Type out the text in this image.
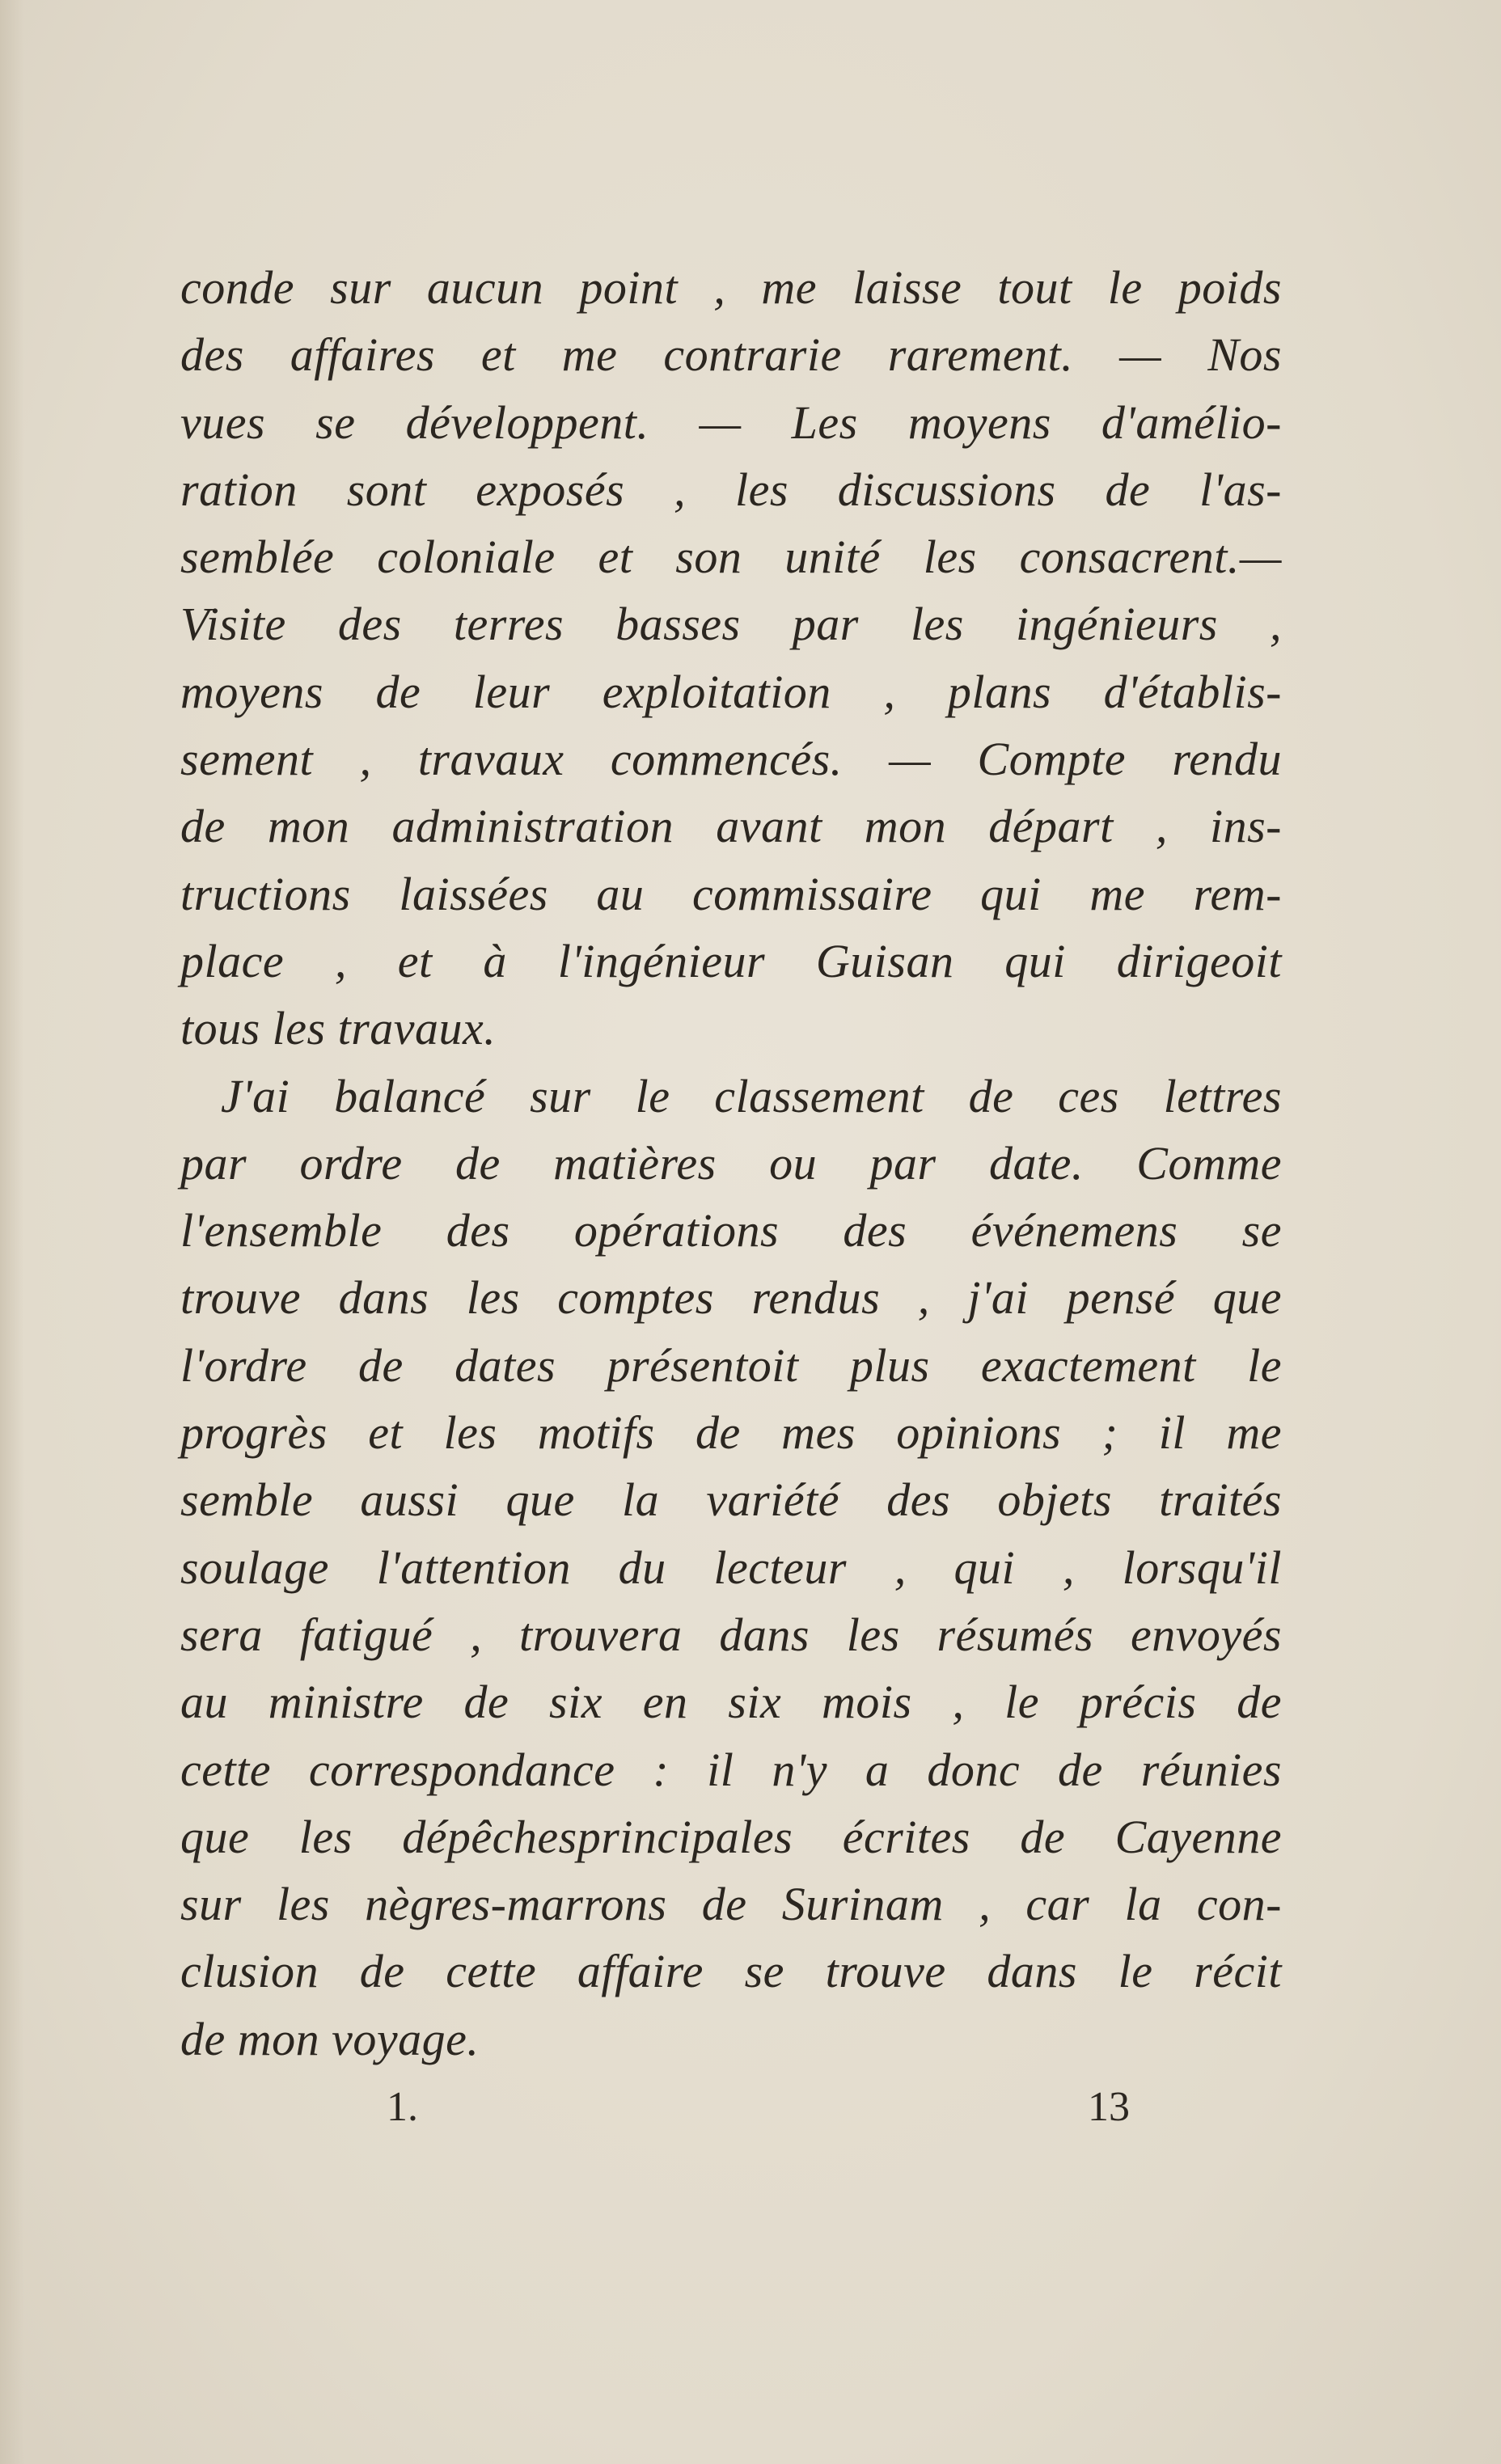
conde sur aucun point , me laisse tout le poids
des affaires et me contrarie rarement. — Nos
vues se développent. — Les moyens d'amélio-
ration sont exposés , les discussions de l'as-
semblée coloniale et son unité les consacrent.—
Visite des terres basses par les ingénieurs ,
moyens de leur exploitation , plans d'établis-
sement , travaux commencés. — Compte rendu
de mon administration avant mon départ , ins-
tructions laissées au commissaire qui me rem-
place , et à l'ingénieur Guisan qui dirigeoit
tous les travaux.
J'ai balancé sur le classement de ces lettres
par ordre de matières ou par date. Comme
l'ensemble des opérations des événemens se
trouve dans les comptes rendus , j'ai pensé que
l'ordre de dates présentoit plus exactement le
progrès et les motifs de mes opinions ; il me
semble aussi que la variété des objets traités
soulage l'attention du lecteur , qui , lorsqu'il
sera fatigué , trouvera dans les résumés envoyés
au ministre de six en six mois , le précis de
cette correspondance : il n'y a donc de réunies
que les dépêchesprincipales écrites de Cayenne
sur les nègres-marrons de Surinam , car la con-
clusion de cette affaire se trouve dans le récit
de mon voyage.
1.	13
